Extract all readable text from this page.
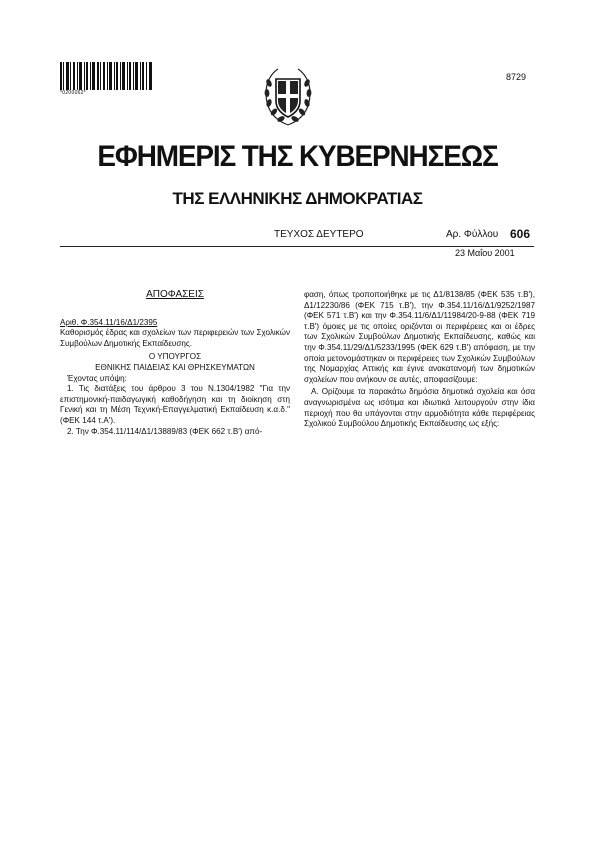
*0200062*
8729
ΕΦΗΜΕΡΙΣ ΤΗΣ ΚΥΒΕΡΝΗΣΕΩΣ
ΤΗΣ ΕΛΛΗΝΙΚΗΣ ΔΗΜΟΚΡΑΤΙΑΣ
ΤΕΥΧΟΣ ΔΕΥΤΕΡΟ	Αρ. Φύλλου 606
23 Μαΐου 2001

ΑΠΟΦΑΣΕΙΣ

Αριθ. Φ.354.11/16/Δ1/2395

Καθορισμός έδρας και σχολείων των περιφερειών των Σχολικών Συμβούλων Δημοτικής Εκπαίδευσης.

Ο ΥΠΟΥΡΓΟΣ

ΕΘΝΙΚΗΣ ΠΑΙΔΕΙΑΣ ΚΑΙ ΘΡΗΣΚΕΥΜΑΤΩΝ

Έχοντας υπόψη:

1. Τις διατάξεις του άρθρου 3 του Ν.1304/1982 "Για την επιστημονική-παιδαγωγική καθοδήγηση και τη διοίκηση στη Γενική και τη Μέση Τεχνική-Επαγγελματική Εκπαίδευση κ.α.δ." (ΦΕΚ 144 τ.Α').

2. Την Φ.354.11/114/Δ1/13889/83 (ΦΕΚ 662 τ.Β') από-

φαση, όπως τροποποιήθηκε με τις Δ1/8138/85 (ΦΕΚ 535 τ.Β'), Δ1/12230/86 (ΦΕΚ 715 τ.Β'), την Φ.354.11/16/Δ1/9252/1987 (ΦΕΚ 571 τ.Β') και την Φ.354.11/6/Δ1/11984/20-9-88 (ΦΕΚ 719 τ.Β') όμοιες με τις οποίες οριζόνται οι περιφέρειες και οι έδρες των Σχολικών Συμβούλων Δημοτικής Εκπαίδευσης, καθώς και την Φ.354.11/29/Δ1/5233/1995 (ΦΕΚ 629 τ.Β') απόφαση, με την οποία μετονομάστηκαν οι περιφέρειες των Σχολικών Συμβούλων της Νομαρχίας Αττικής και έγινε ανακατανομή των δημοτικών σχολείων που ανήκουν σε αυτές, αποφασίζουμε:

Α. Ορίζουμε τα παρακάτω δημόσια δημοτικά σχολεία και όσα αναγνωρισμένα ως ισότιμα και ιδιωτικά λειτουργούν στην ίδια περιοχή που θα υπάγονται στην αρμοδιότητα κάθε περιφέρειας Σχολικού Συμβούλου Δημοτικής Εκπαίδευσης ως εξής:
